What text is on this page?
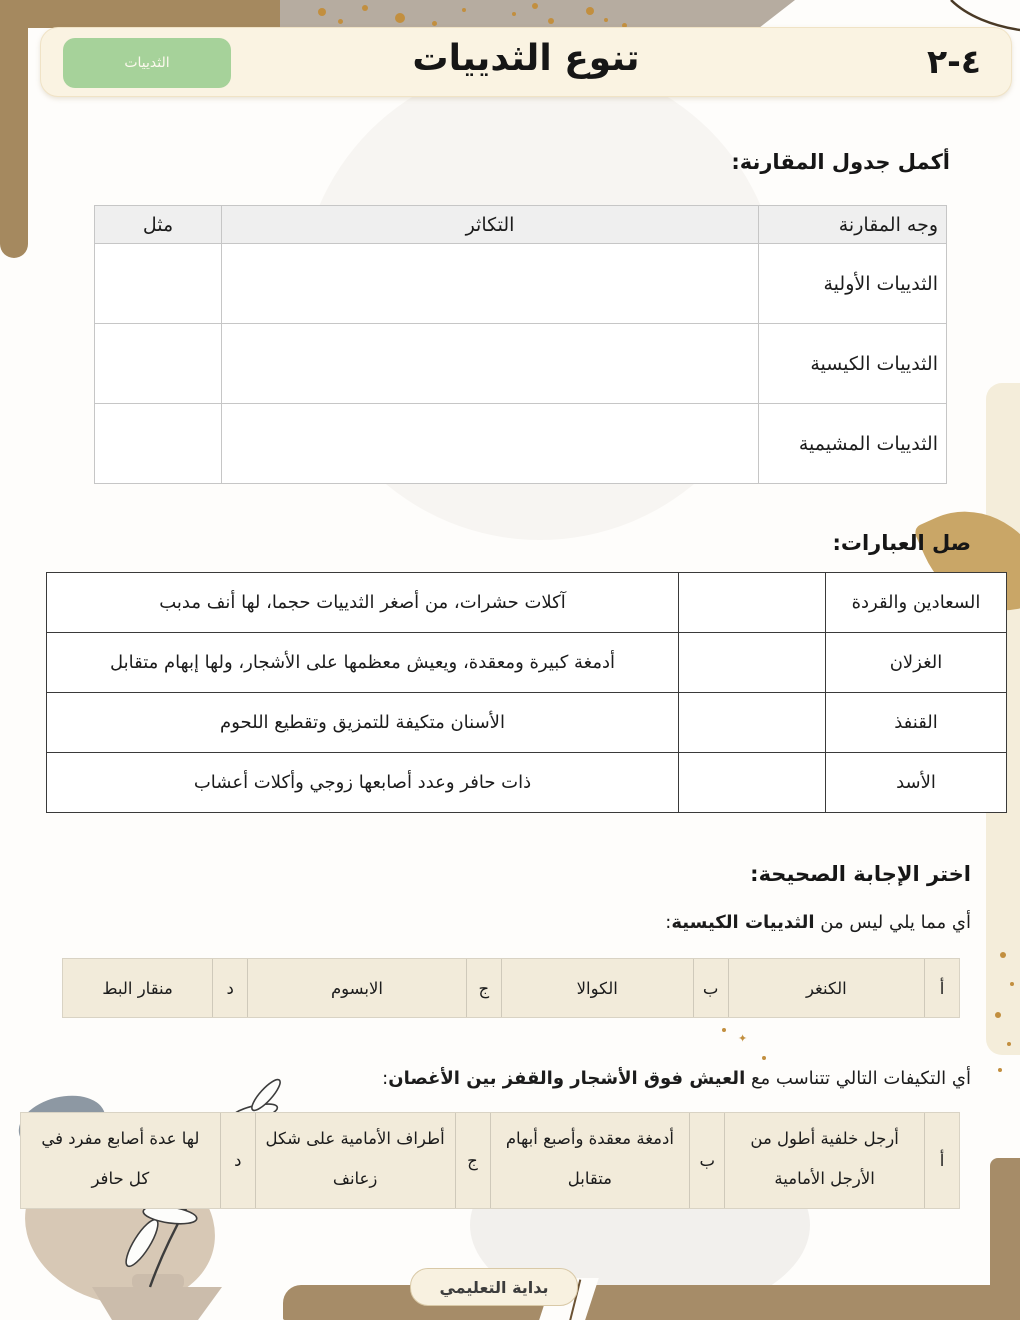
✦
الثدييات	تنوع الثدييات	٤-٢
أكمل جدول المقارنة:
وجه المقارنة	التكاثر	مثل
الثدييات الأولية		
الثدييات الكيسية		
الثدييات المشيمية		
صل العبارات:
السعادين والقردة		آكلات حشرات، من أصغر الثدييات حجما، لها أنف مدبب
الغزلان		أدمغة كبيرة ومعقدة، ويعيش معظمها على الأشجار، ولها إبهام متقابل
القنفذ		الأسنان متكيفة للتمزيق وتقطيع اللحوم
الأسد		ذات حافر وعدد أصابعها زوجي وأكلات أعشاب
اختر الإجابة الصحيحة:
أي مما يلي ليس من الثدييات الكيسية:
أ
الكنغر
ب
الكوالا
ج
الابسوم
د
منقار البط
أي التكيفات التالي تتناسب مع العيش فوق الأشجار والقفز بين الأغصان:
أ
أرجل خلفية أطول من الأرجل الأمامية
ب
أدمغة معقدة وأصبع أبهام متقابل
ج
أطراف الأمامية على شكل زعانف
د
لها عدة أصابع مفرد في كل حافر
بداية التعليمي
